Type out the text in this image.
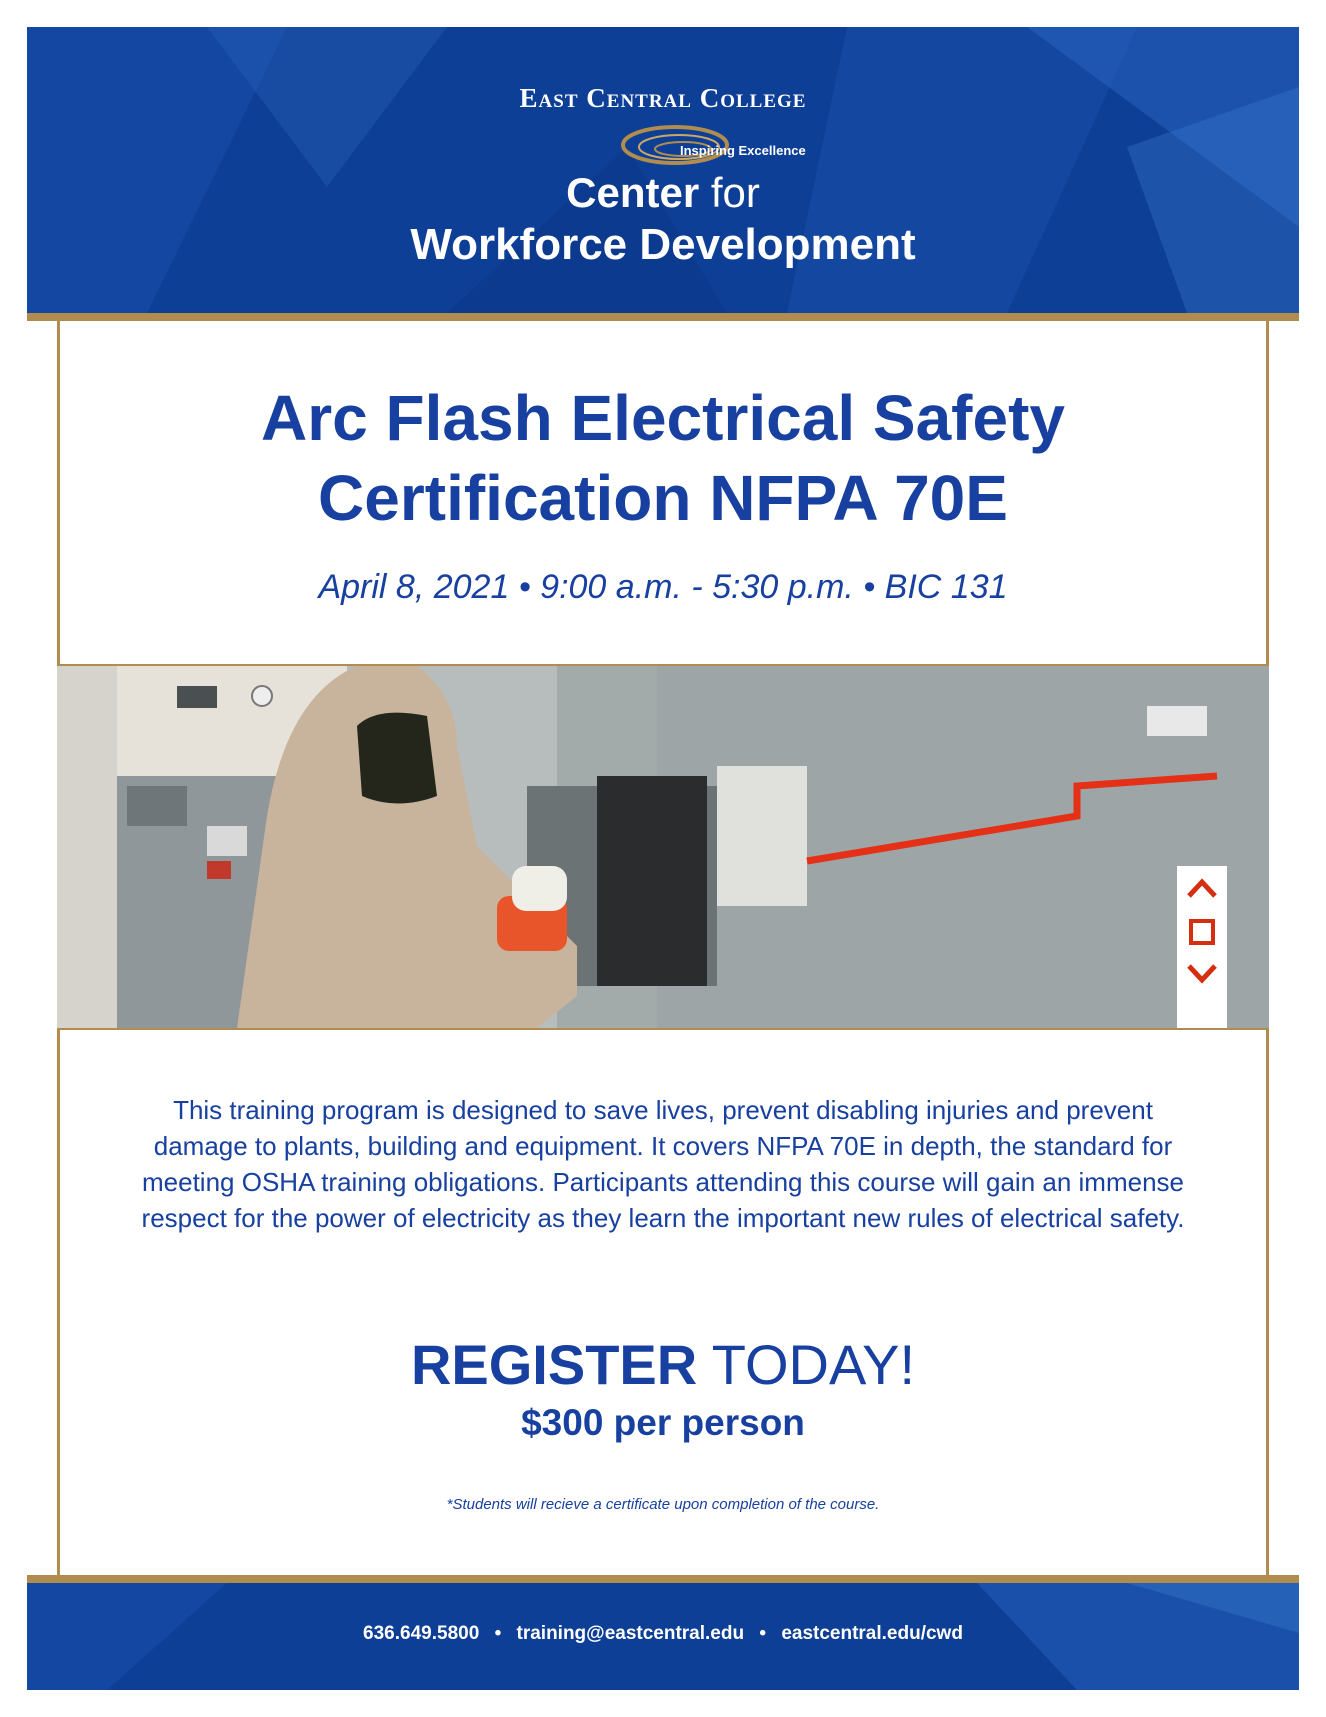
East Central College
Inspiring Excellence
Center for
Workforce Development
Arc Flash Electrical Safety
Certification NFPA 70E
April 8, 2021 • 9:00 a.m. - 5:30 p.m. • BIC 131
This training program is designed to save lives, prevent disabling injuries and prevent damage to plants, building and equipment. It covers NFPA 70E in depth, the standard for meeting OSHA training obligations. Participants attending this course will gain an immense respect for the power of electricity as they learn the important new rules of electrical safety.
REGISTER TODAY!
$300 per person
*Students will recieve a certificate upon completion of the course.
636.649.5800 • training@eastcentral.edu • eastcentral.edu/cwd
